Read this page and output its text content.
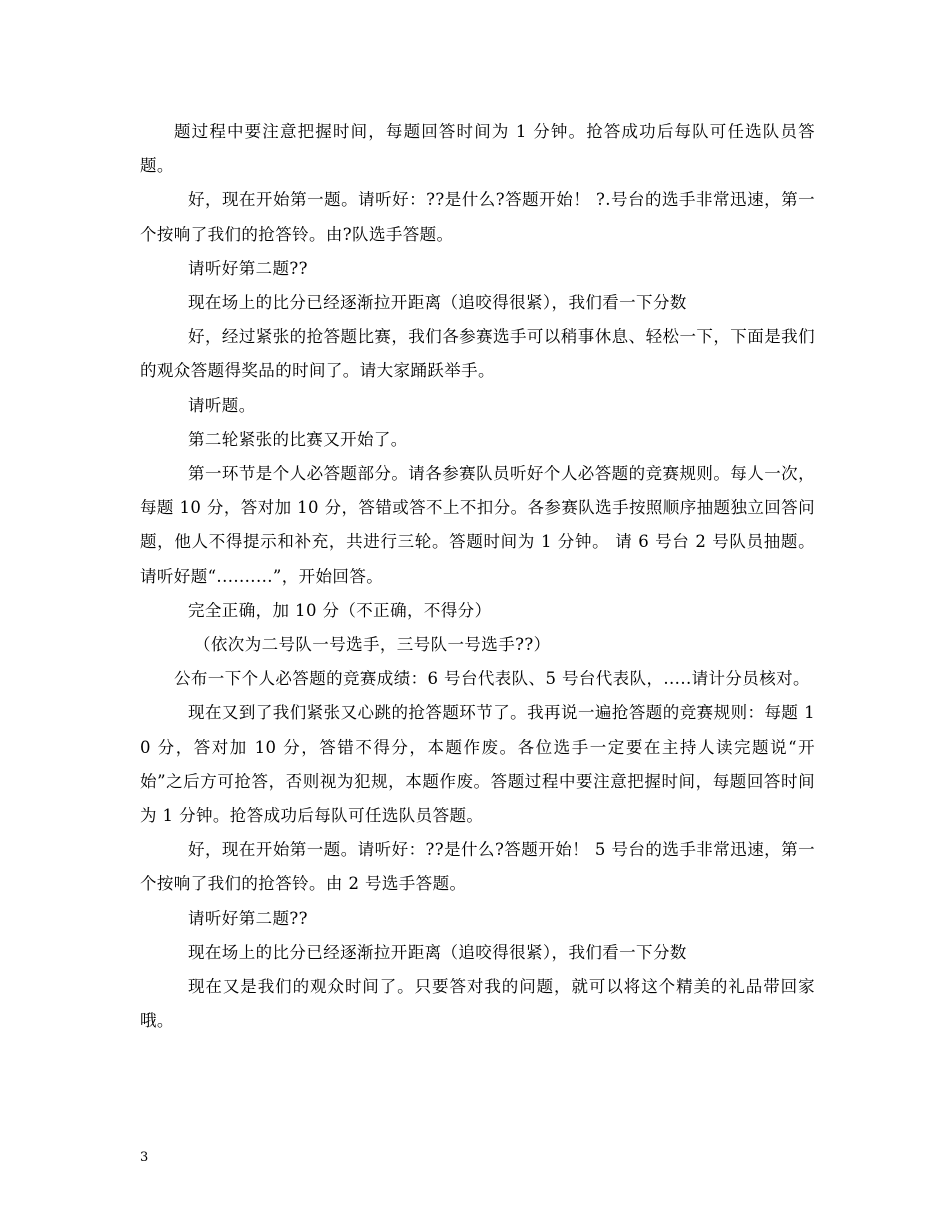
题过程中要注意把握时间，每题回答时间为 1 分钟。抢答成功后每队可任选队员答题。

好，现在开始第一题。请听好：??是什么?答题开始！ ?.号台的选手非常迅速，第一个按响了我们的抢答铃。由?队选手答题。

请听好第二题??

现在场上的比分已经逐渐拉开距离（追咬得很紧），我们看一下分数

好，经过紧张的抢答题比赛，我们各参赛选手可以稍事休息、轻松一下，下面是我们的观众答题得奖品的时间了。请大家踊跃举手。

请听题。

第二轮紧张的比赛又开始了。

第一环节是个人必答题部分。请各参赛队员听好个人必答题的竞赛规则。每人一次，每题 10 分，答对加 10 分，答错或答不上不扣分。各参赛队选手按照顺序抽题独立回答问题，他人不得提示和补充，共进行三轮。答题时间为 1 分钟。 请 6 号台 2 号队员抽题。请听好题“..........”，开始回答。

完全正确，加 10 分（不正确，不得分）

（依次为二号队一号选手，三号队一号选手??）

公布一下个人必答题的竞赛成绩：6 号台代表队、5 号台代表队，.....请计分员核对。

现在又到了我们紧张又心跳的抢答题环节了。我再说一遍抢答题的竞赛规则：每题 10 分，答对加 10 分，答错不得分，本题作废。各位选手一定要在主持人读完题说“开始”之后方可抢答，否则视为犯规，本题作废。答题过程中要注意把握时间，每题回答时间为 1 分钟。抢答成功后每队可任选队员答题。

好，现在开始第一题。请听好：??是什么?答题开始！ 5 号台的选手非常迅速，第一个按响了我们的抢答铃。由 2 号选手答题。

请听好第二题??

现在场上的比分已经逐渐拉开距离（追咬得很紧），我们看一下分数

现在又是我们的观众时间了。只要答对我的问题，就可以将这个精美的礼品带回家哦。

3
